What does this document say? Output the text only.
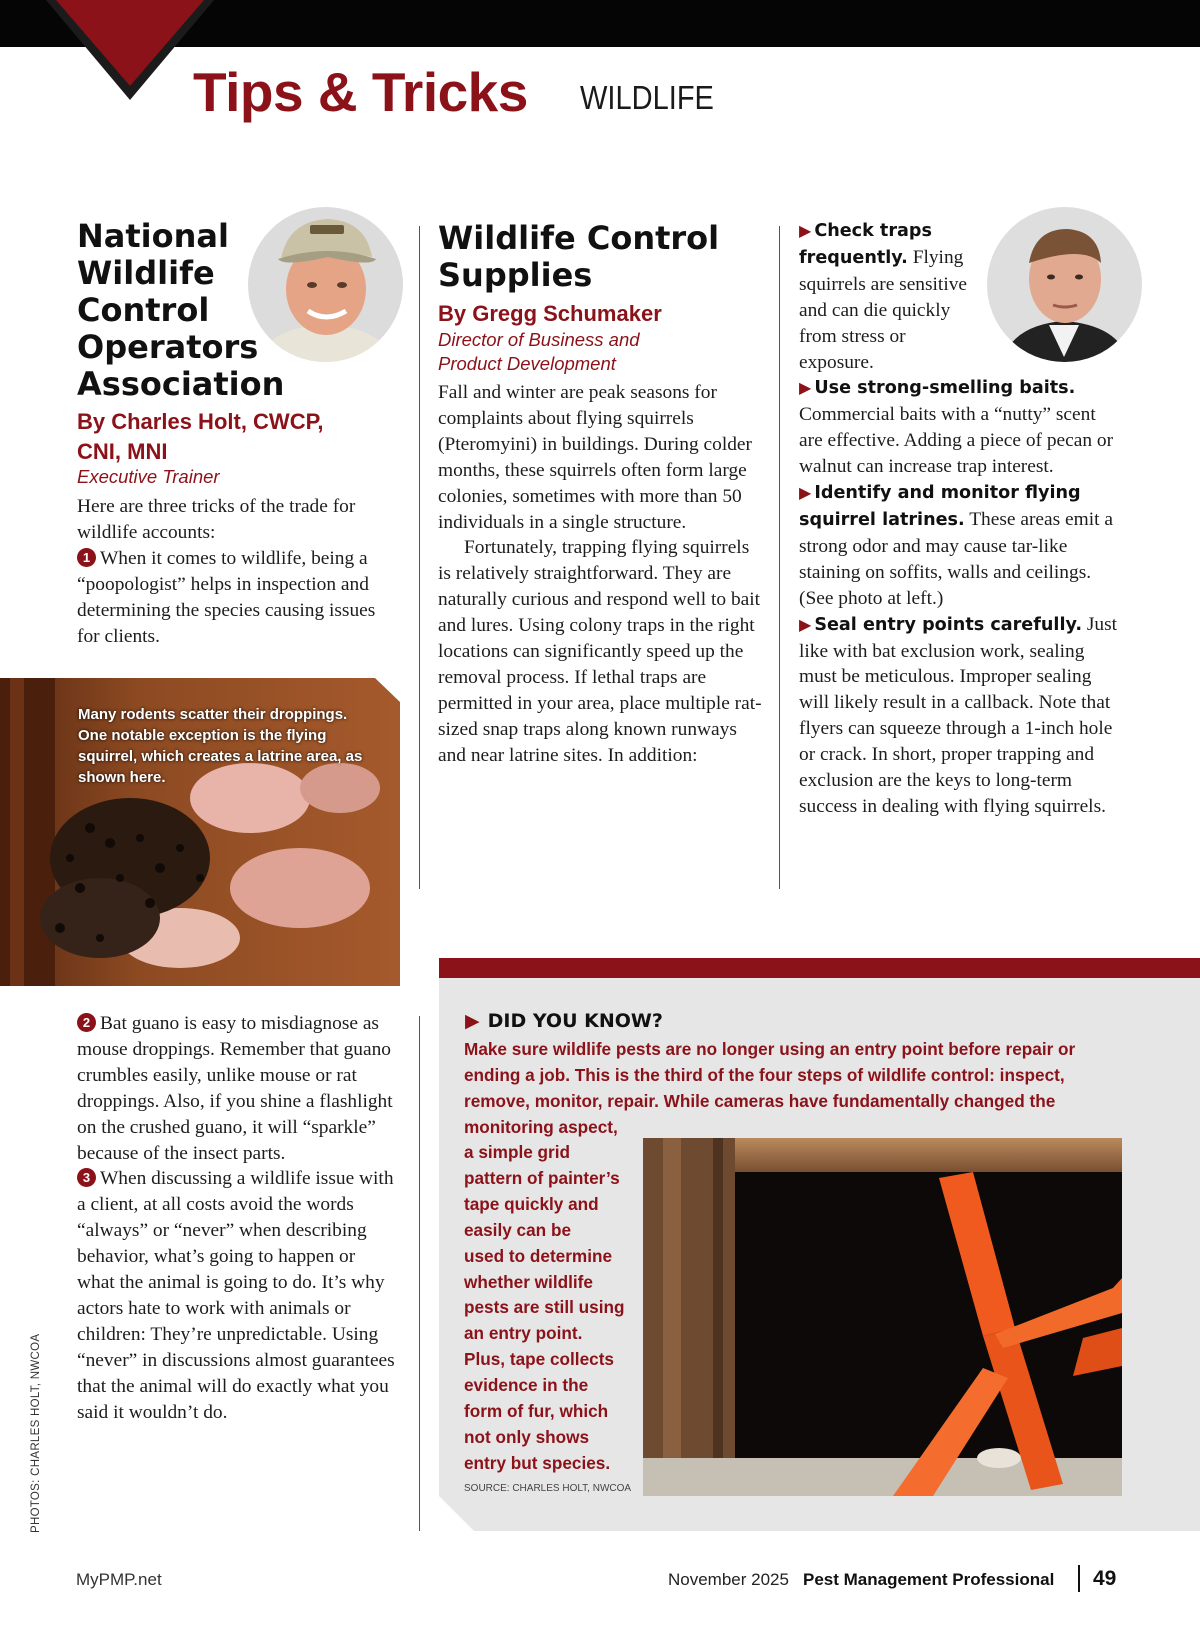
Tips & Tricks WILDLIFE
National
Wildlife
Control
Operators
Association
By Charles Holt, CWCP,
CNI, MNI
Executive Trainer

Here are three tricks of the trade for wildlife accounts:

1 When it comes to wildlife, being a “poopologist” helps in inspection and determining the species causing issues for clients.

Many rodents scatter their droppings. One notable exception is the flying squirrel, which creates a latrine area, as shown here.

2 Bat guano is easy to misdiagnose as mouse droppings. Remember that guano crumbles easily, unlike mouse or rat droppings. Also, if you shine a flashlight on the crushed guano, it will “sparkle” because of the insect parts.

3 When discussing a wildlife issue with a client, at all costs avoid the words “always” or “never” when describing behavior, what’s going to happen or what the animal is going to do. It’s why actors hate to work with animals or children: They’re unpredictable. Using “never” in discussions almost guarantees that the animal will do exactly what you said it wouldn’t do.

Wildlife Control
Supplies
By Gregg Schumaker
Director of Business and
Product Development

Fall and winter are peak seasons for complaints about flying squirrels (Pteromyini) in buildings. During colder months, these squirrels often form large colonies, sometimes with more than 50 individuals in a single structure.

Fortunately, trapping flying squirrels is relatively straightforward. They are naturally curious and respond well to bait and lures. Using colony traps in the right locations can significantly speed up the removal process. If lethal traps are permitted in your area, place multiple rat-sized snap traps along known runways and near latrine sites. In addition:

▶ Check traps frequently. Flying squirrels are sensitive and can die quickly from stress or exposure.

▶ Use strong-smelling baits. Commercial baits with a “nutty” scent are effective. Adding a piece of pecan or walnut can increase trap interest.

▶ Identify and monitor flying squirrel latrines. These areas emit a strong odor and may cause tar-like staining on soffits, walls and ceilings. (See photo at left.)

▶ Seal entry points carefully. Just like with bat exclusion work, sealing must be meticulous. Improper sealing will likely result in a callback. Note that flyers can squeeze through a 1-inch hole or crack. In short, proper trapping and exclusion are the keys to long-term success in dealing with flying squirrels.

▶ DID YOU KNOW?
Make sure wildlife pests are no longer using an entry point before repair or
ending a job. This is the third of the four steps of wildlife control: inspect,
remove, monitor, repair. While cameras have fundamentally changed the
monitoring aspect,
a simple grid
pattern of painter’s
tape quickly and
easily can be
used to determine
whether wildlife
pests are still using
an entry point.
Plus, tape collects
evidence in the
form of fur, which
not only shows
entry but species.
SOURCE: CHARLES HOLT, NWCOA
PHOTOS: CHARLES HOLT, NWCOA
MyPMP.net	November 2025 Pest Management Professional 49
